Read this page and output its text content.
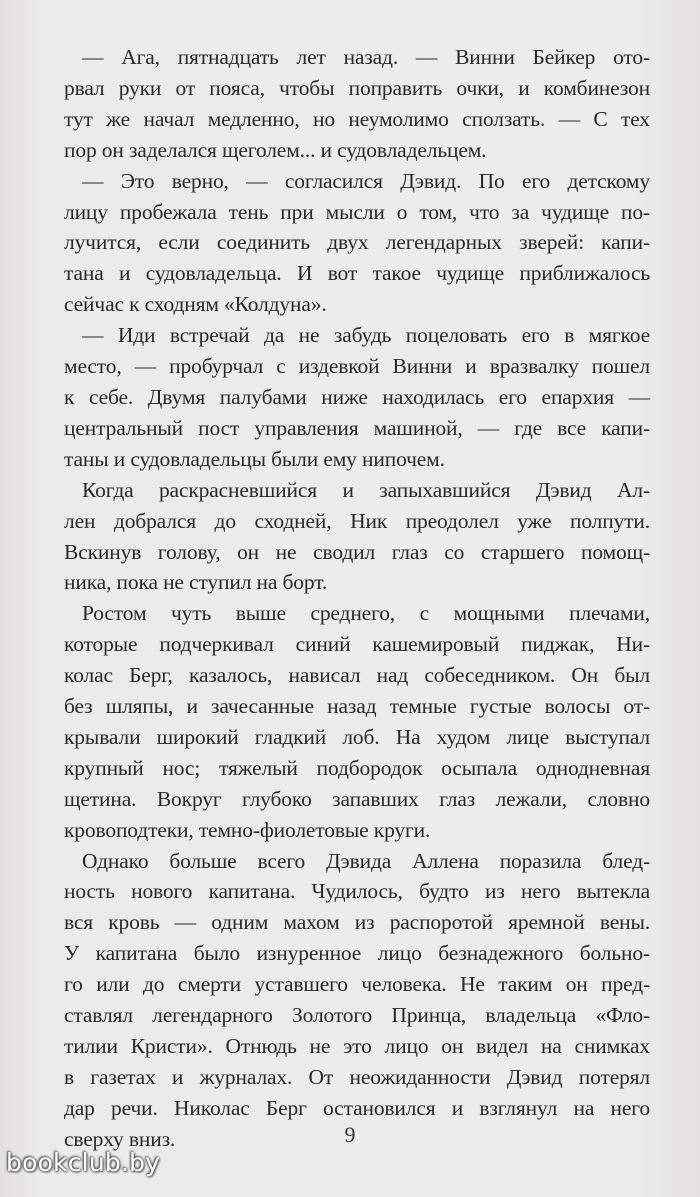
— Ага, пятнадцать лет назад. — Винни Бейкер ото-
рвал руки от пояса, чтобы поправить очки, и комбинезон
тут же начал медленно, но неумолимо сползать. — С тех
пор он заделался щеголем... и судовладельцем.

— Это верно, — согласился Дэвид. По его детскому
лицу пробежала тень при мысли о том, что за чудище по-
лучится, если соединить двух легендарных зверей: капи-
тана и судовладельца. И вот такое чудище приближалось
сейчас к сходням «Колдуна».

— Иди встречай да не забудь поцеловать его в мягкое
место, — пробурчал с издевкой Винни и вразвалку пошел
к себе. Двумя палубами ниже находилась его епархия —
центральный пост управления машиной, — где все капи-
таны и судовладельцы были ему нипочем.

Когда раскрасневшийся и запыхавшийся Дэвид Ал-
лен добрался до сходней, Ник преодолел уже полпути.
Вскинув голову, он не сводил глаз со старшего помощ-
ника, пока не ступил на борт.

Ростом чуть выше среднего, с мощными плечами,
которые подчеркивал синий кашемировый пиджак, Ни-
колас Берг, казалось, нависал над собеседником. Он был
без шляпы, и зачесанные назад темные густые волосы от-
крывали широкий гладкий лоб. На худом лице выступал
крупный нос; тяжелый подбородок осыпала однодневная
щетина. Вокруг глубоко запавших глаз лежали, словно
кровоподтеки, темно-фиолетовые круги.

Однако больше всего Дэвида Аллена поразила блед-
ность нового капитана. Чудилось, будто из него вытекла
вся кровь — одним махом из распоротой яремной вены.
У капитана было изнуренное лицо безнадежного больно-
го или до смерти уставшего человека. Не таким он пред-
ставлял легендарного Золотого Принца, владельца «Фло-
тилии Кристи». Отнюдь не это лицо он видел на снимках
в газетах и журналах. От неожиданности Дэвид потерял
дар речи. Николас Берг остановился и взглянул на него
сверху вниз.	9
bookclub.by
